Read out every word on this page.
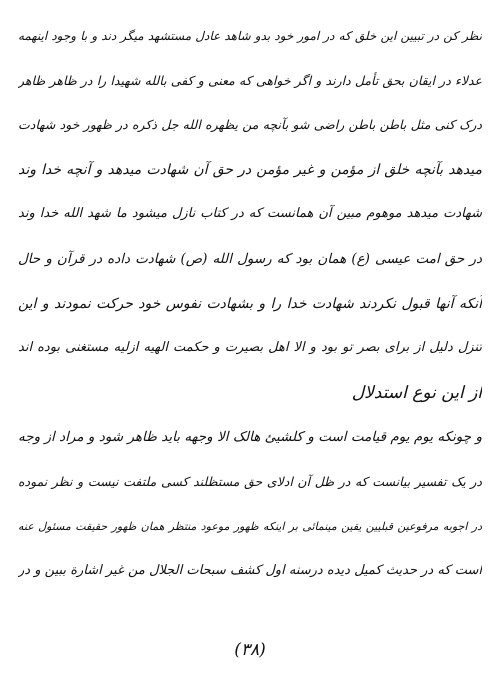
نظر کن در تبیین این خلق که در امور خود بدو شاهد عادل مستشهد میگر دند و با وجود اینهمه
عدلاء در ایقان بحق تأمل دارند و اگر خواهی که معنی و کفی بالله شهیدا را در ظاهر ظاهر
درک کنی مثل باطن باطن راضی شو بآنچه من یظهره الله جل ذکره در ظهور خود شهادت
میدهد بآنچه خلق از مؤمن و غیر مؤمن در حق آن شهادت میدهد و آنچه خدا وند
شهادت میدهد موهوم مبین آن همانست که در کتاب نازل میشود ما شهد الله خدا وند
در حق امت عیسی (ع) همان بود که رسول الله (ص) شهادت داده در قرآن و حال
آنکه آنها قبول نکردند شهادت خدا را و بشهادت نفوس خود حرکت نمودند و این
تنزل دلیل از برای بصر تو بود و الا اهل بصیرت و حکمت الهیه ازلیه مستغنی بوده اند
از این نوع استدلال
و چونکه یوم یوم قیامت است و کلشیئ هالک الا وجهه باید ظاهر شود و مراد از وجه
در یک تفسیر بیانست که در ظل آن ادلای حق مستظلند کسی ملتفت نیست و نظر نموده
در اجوبه مرفوعین قبلیین یقین مینمائی بر اینکه ظهور موعود منتظر همان ظهور حقیقت مسئول عنه
است که در حدیث کمیل دیده درسنه اول کشف سبحات الجلال من غیر اشارة ببین و در
(۳۸)
